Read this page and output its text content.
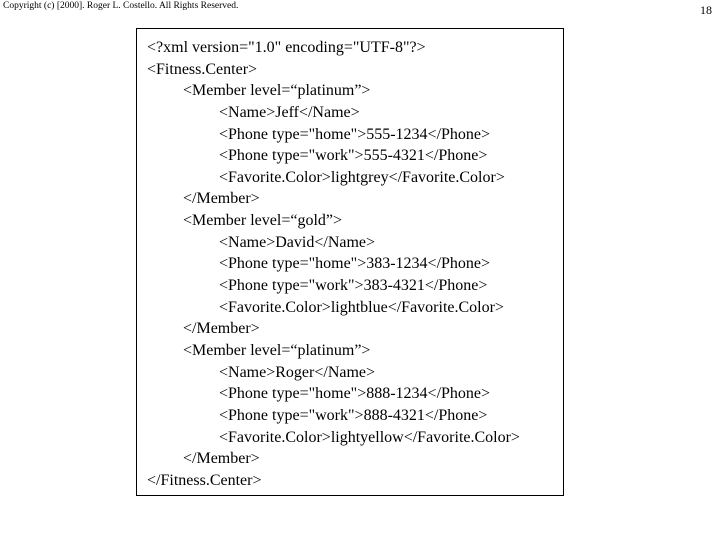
Copyright (c) [2000]. Roger L. Costello. All Rights Reserved.	18
<?xml version="1.0" encoding="UTF-8"?>
<Fitness.Center>
<Member level=“platinum”>
<Name>Jeff</Name>
<Phone type="home">555-1234</Phone>
<Phone type="work">555-4321</Phone>
<Favorite.Color>lightgrey</Favorite.Color>
</Member>
<Member level=“gold”>
<Name>David</Name>
<Phone type="home">383-1234</Phone>
<Phone type="work">383-4321</Phone>
<Favorite.Color>lightblue</Favorite.Color>
</Member>
<Member level=“platinum”>
<Name>Roger</Name>
<Phone type="home">888-1234</Phone>
<Phone type="work">888-4321</Phone>
<Favorite.Color>lightyellow</Favorite.Color>
</Member>
</Fitness.Center>
